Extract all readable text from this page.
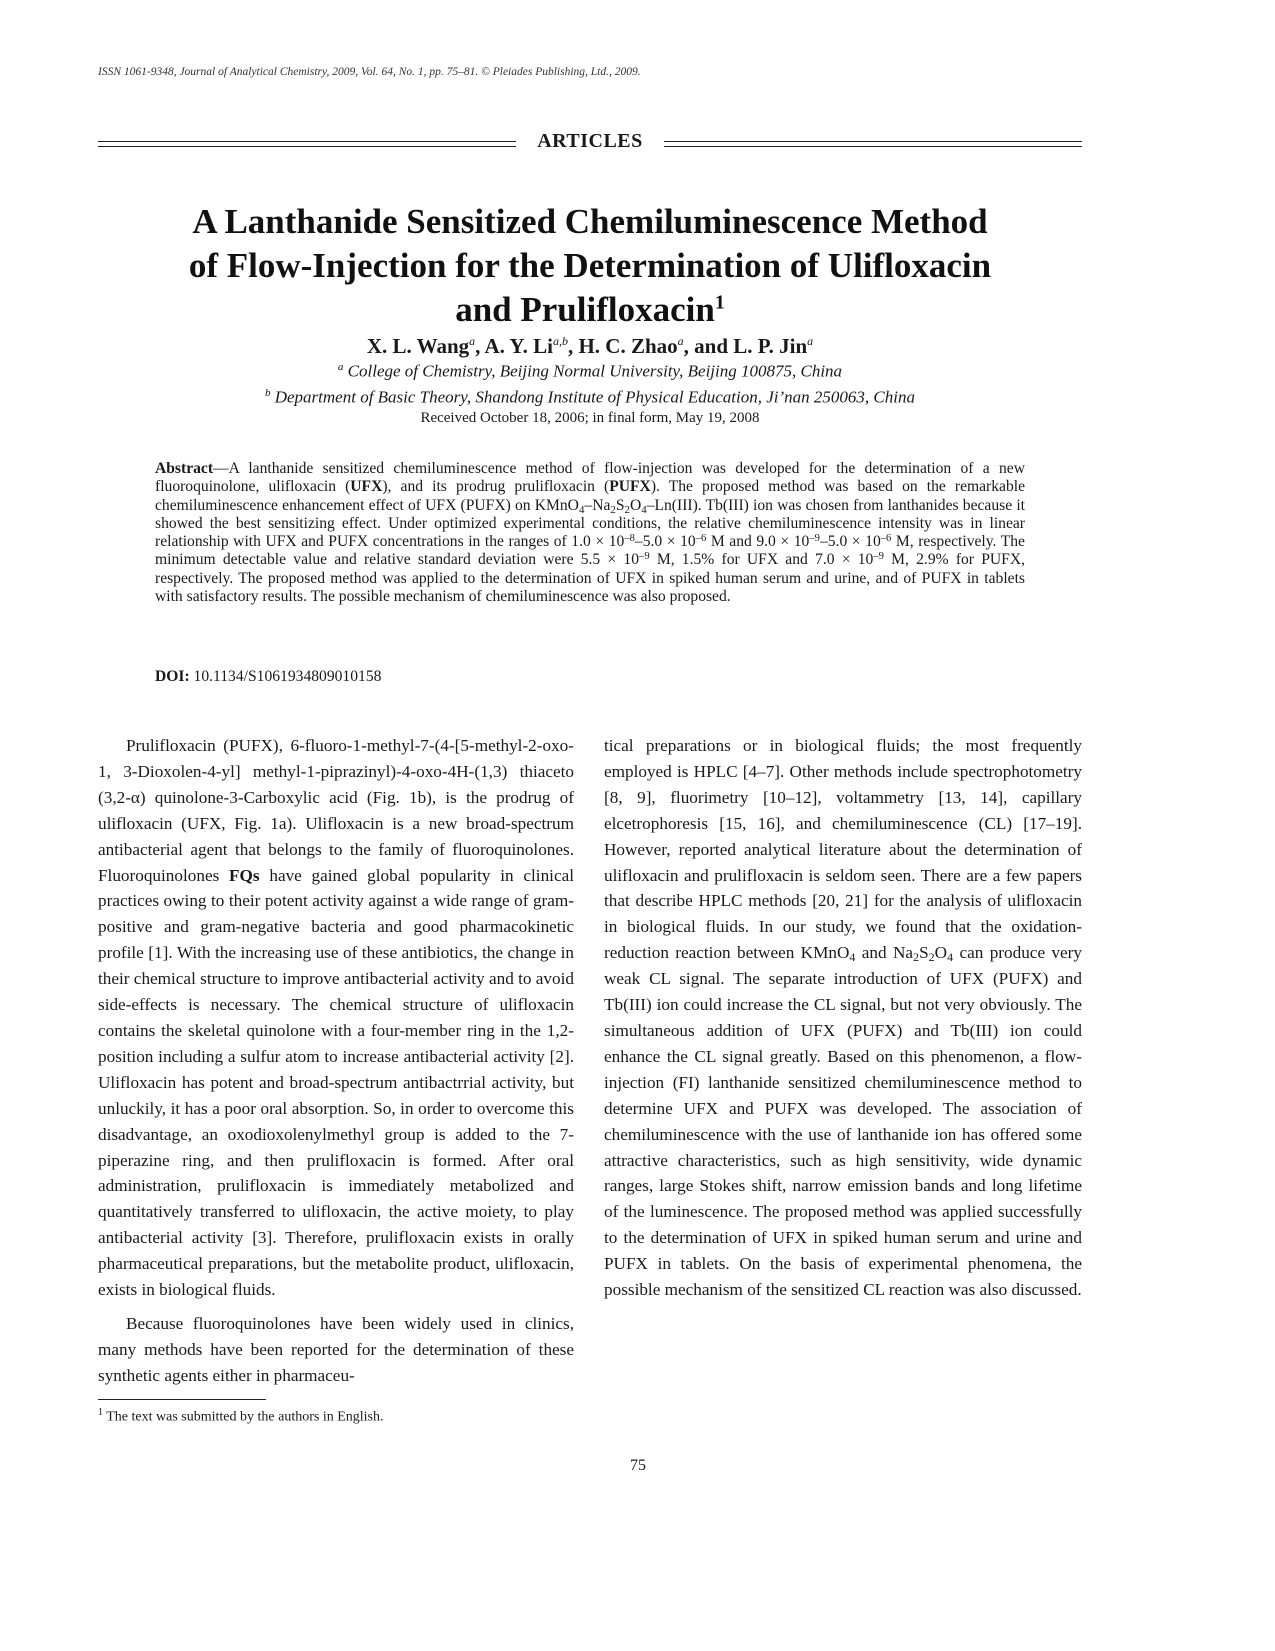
ISSN 1061-9348, Journal of Analytical Chemistry, 2009, Vol. 64, No. 1, pp. 75–81. © Pleiades Publishing, Ltd., 2009.
ARTICLES
A Lanthanide Sensitized Chemiluminescence Method
of Flow-Injection for the Determination of Ulifloxacin
and Prulifloxacin$^1$
X. L. Wang$^a$, A. Y. Li$^{a,b}$, H. C. Zhao$^a$, and L. P. Jin$^a$
$^a$ College of Chemistry, Beijing Normal University, Beijing 100875, China
$^b$ Department of Basic Theory, Shandong Institute of Physical Education, Ji’nan 250063, China
Received October 18, 2006; in final form, May 19, 2008
Abstract—A lanthanide sensitized chemiluminescence method of flow-injection was developed for the determination of a new fluoroquinolone, ulifloxacin (UFX), and its prodrug prulifloxacin (PUFX). The proposed method was based on the remarkable chemiluminescence enhancement effect of UFX (PUFX) on $KMnO_4-Na_2S_2O_4-Ln(III)$. Tb(III) ion was chosen from lanthanides because it showed the best sensitizing effect. Under optimized experimental conditions, the relative chemiluminescence intensity was in linear relationship with UFX and PUFX concentrations in the ranges of $1.0 \times 10^{-8}-5.0 \times 10^{-6}$ M and $9.0 \times 10^{-9}-5.0 \times 10^{-6}$ M, respectively. The minimum detectable value and relative standard deviation were $5.5 \times 10^{-9}$ M, 1.5% for UFX and $7.0 \times 10^{-9}$ M, 2.9% for PUFX, respectively. The proposed method was applied to the determination of UFX in spiked human serum and urine, and of PUFX in tablets with satisfactory results. The possible mechanism of chemiluminescence was also proposed.
DOI: 10.1134/S1061934809010158

Prulifloxacin (PUFX), 6-fluoro-1-methyl-7-(4-[5-methyl-2-oxo-1, 3-Dioxolen-4-yl] methyl-1-piprazinyl)-4-oxo-4H-(1,3) thiaceto (3,2-α) quinolone-3-Carboxylic acid (Fig. 1b), is the prodrug of ulifloxacin (UFX, Fig. 1a). Ulifloxacin is a new broad-spectrum antibacterial agent that belongs to the family of fluoroquinolones. Fluoroquinolones FQs have gained global popularity in clinical practices owing to their potent activity against a wide range of gram-positive and gram-negative bacteria and good pharmacokinetic profile [1]. With the increasing use of these antibiotics, the change in their chemical structure to improve antibacterial activity and to avoid side-effects is necessary. The chemical structure of ulifloxacin contains the skeletal quinolone with a four-member ring in the 1,2-position including a sulfur atom to increase antibacterial activity [2]. Ulifloxacin has potent and broad-spectrum antibactrrial activity, but unluckily, it has a poor oral absorption. So, in order to overcome this disadvantage, an oxodioxolenylmethyl group is added to the 7-piperazine ring, and then prulifloxacin is formed. After oral administration, prulifloxacin is immediately metabolized and quantitatively transferred to ulifloxacin, the active moiety, to play antibacterial activity [3]. Therefore, prulifloxacin exists in orally pharmaceutical preparations, but the metabolite product, ulifloxacin, exists in biological fluids.

Because fluoroquinolones have been widely used in clinics, many methods have been reported for the determination of these synthetic agents either in pharmaceu-

tical preparations or in biological fluids; the most frequently employed is HPLC [4–7]. Other methods include spectrophotometry [8, 9], fluorimetry [10–12], voltammetry [13, 14], capillary elcetrophoresis [15, 16], and chemiluminescence (CL) [17–19]. However, reported analytical literature about the determination of ulifloxacin and prulifloxacin is seldom seen. There are a few papers that describe HPLC methods [20, 21] for the analysis of ulifloxacin in biological fluids. In our study, we found that the oxidation-reduction reaction between KMnO$_4$ and $Na_2S_2O_4$ can produce very weak CL signal. The separate introduction of UFX (PUFX) and Tb(III) ion could increase the CL signal, but not very obviously. The simultaneous addition of UFX (PUFX) and Tb(III) ion could enhance the CL signal greatly. Based on this phenomenon, a flow-injection (FI) lanthanide sensitized chemiluminescence method to determine UFX and PUFX was developed. The association of chemiluminescence with the use of lanthanide ion has offered some attractive characteristics, such as high sensitivity, wide dynamic ranges, large Stokes shift, narrow emission bands and long lifetime of the luminescence. The proposed method was applied successfully to the determination of UFX in spiked human serum and urine and PUFX in tablets. On the basis of experimental phenomena, the possible mechanism of the sensitized CL reaction was also discussed.

$^1$ The text was submitted by the authors in English.
75
